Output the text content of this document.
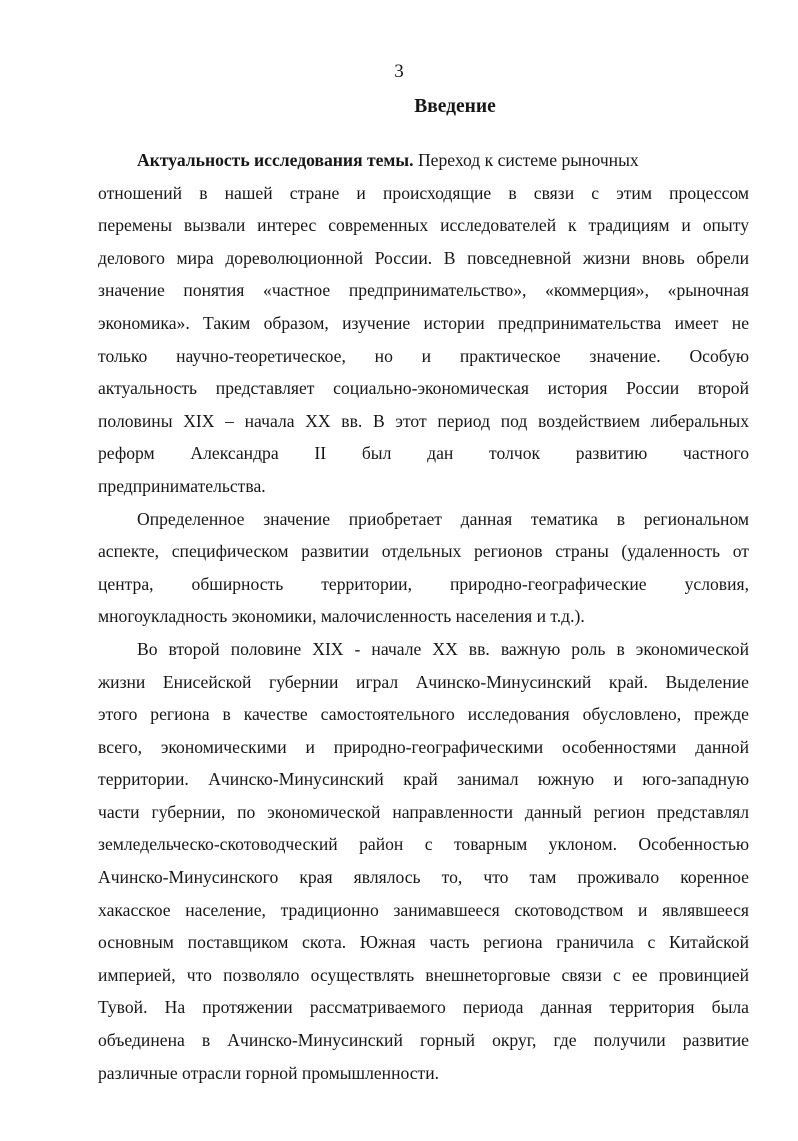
3
Введение
Актуальность исследования темы. Переход к системе рыночных
отношений в нашей стране и происходящие в связи с этим процессом
перемены вызвали интерес современных исследователей к традициям и опыту
делового мира дореволюционной России. В повседневной жизни вновь обрели
значение понятия «частное предпринимательство», «коммерция», «рыночная
экономика». Таким образом, изучение истории предпринимательства имеет не
только научно-теоретическое, но и практическое значение. Особую
актуальность представляет социально-экономическая история России второй
половины XIX – начала XX вв. В этот период под воздействием либеральных
реформ Александра II был дан толчок развитию частного
предпринимательства.
Определенное значение приобретает данная тематика в региональном
аспекте, специфическом развитии отдельных регионов страны (удаленность от
центра, обширность территории, природно-географические условия,
многоукладность экономики, малочисленность населения и т.д.).
Во второй половине XIX - начале XX вв. важную роль в экономической
жизни Енисейской губернии играл Ачинско-Минусинский край. Выделение
этого региона в качестве самостоятельного исследования обусловлено, прежде
всего, экономическими и природно-географическими особенностями данной
территории. Ачинско-Минусинский край занимал южную и юго-западную
части губернии, по экономической направленности данный регион представлял
земледельческо-скотоводческий район с товарным уклоном. Особенностью
Ачинско-Минусинского края являлось то, что там проживало коренное
хакасское население, традиционно занимавшееся скотоводством и являвшееся
основным поставщиком скота. Южная часть региона граничила с Китайской
империей, что позволяло осуществлять внешнеторговые связи с ее провинцией
Тувой. На протяжении рассматриваемого периода данная территория была
объединена в Ачинско-Минусинский горный округ, где получили развитие
различные отрасли горной промышленности.
